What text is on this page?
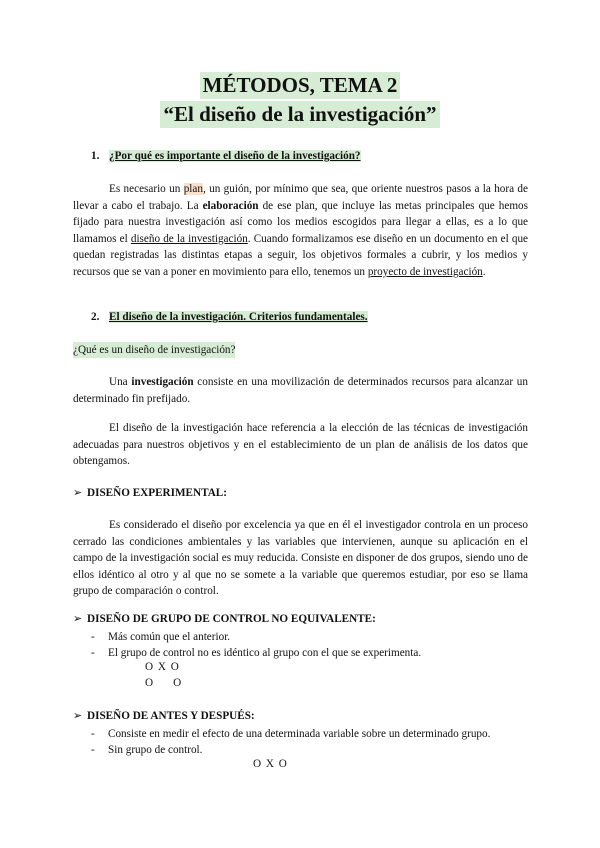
MÉTODOS, TEMA 2
“El diseño de la investigación”
1. ¿Por qué es importante el diseño de la investigación?
Es necesario un plan, un guión, por mínimo que sea, que oriente nuestros pasos a la hora de llevar a cabo el trabajo. La elaboración de ese plan, que incluye las metas principales que hemos fijado para nuestra investigación así como los medios escogidos para llegar a ellas, es a lo que llamamos el diseño de la investigación. Cuando formalizamos ese diseño en un documento en el que quedan registradas las distintas etapas a seguir, los objetivos formales a cubrir, y los medios y recursos que se van a poner en movimiento para ello, tenemos un proyecto de investigación.
2. El diseño de la investigación. Criterios fundamentales.
¿Qué es un diseño de investigación?
Una investigación consiste en una movilización de determinados recursos para alcanzar un determinado fin prefijado.
El diseño de la investigación hace referencia a la elección de las técnicas de investigación adecuadas para nuestros objetivos y en el establecimiento de un plan de análisis de los datos que obtengamos.
➢ DISEÑO EXPERIMENTAL:
Es considerado el diseño por excelencia ya que en él el investigador controla en un proceso cerrado las condiciones ambientales y las variables que intervienen, aunque su aplicación en el campo de la investigación social es muy reducida. Consiste en disponer de dos grupos, siendo uno de ellos idéntico al otro y al que no se somete a la variable que queremos estudiar, por eso se llama grupo de comparación o control.
➢ DISEÑO DE GRUPO DE CONTROL NO EQUIVALENTE:
- Más común que el anterior.
- El grupo de control no es idéntico al grupo con el que se experimenta.
O X O
O     O
➢ DISEÑO DE ANTES Y DESPUÉS:
- Consiste en medir el efecto de una determinada variable sobre un determinado grupo.
- Sin grupo de control.
O X O
